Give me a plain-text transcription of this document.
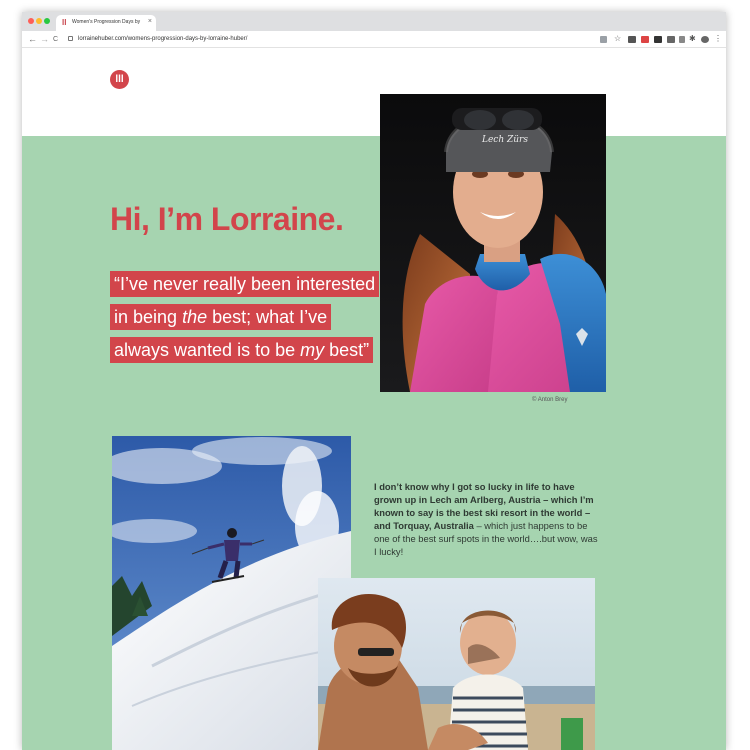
ll	Women's Progression Days by	×
← → C	lorrainehuber.com/womens-progression-days-by-lorraine-huber/	☆	✱ ⋮
lll
Lech Zürs
© Anton Brey
Hi, I’m Lorraine.
“I’ve never really been interested
in being the best; what I’ve
always wanted is to be my best”

I don’t know why I got so lucky in life to have grown up in Lech am Arlberg, Austria – which I’m known to say is the best ski resort in the world – and Torquay, Australia – which just happens to be one of the best surf spots in the world….but wow, was I lucky!
